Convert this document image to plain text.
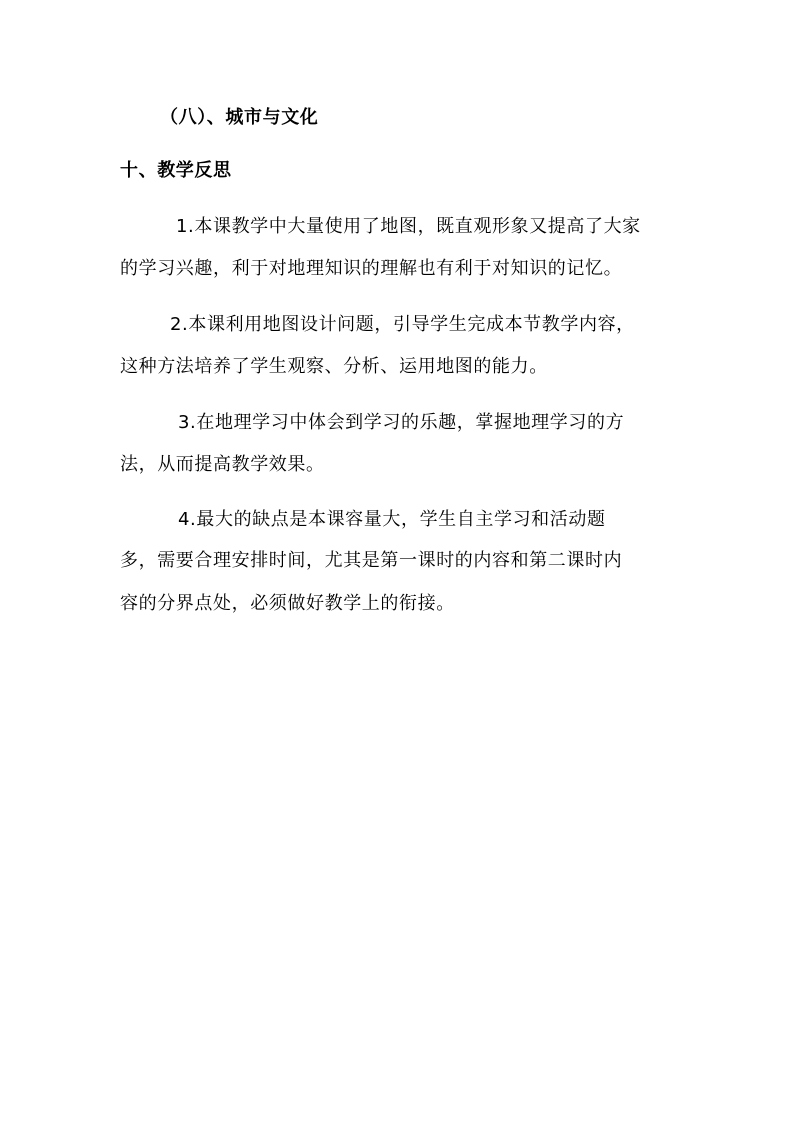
（八）、城市与文化
十、教学反思
1.本课教学中大量使用了地图，既直观形象又提高了大家
的学习兴趣，利于对地理知识的理解也有利于对知识的记忆。
2.本课利用地图设计问题，引导学生完成本节教学内容，
这种方法培养了学生观察、分析、运用地图的能力。
3.在地理学习中体会到学习的乐趣，掌握地理学习的方
法，从而提高教学效果。
4.最大的缺点是本课容量大，学生自主学习和活动题
多，需要合理安排时间，尤其是第一课时的内容和第二课时内
容的分界点处，必须做好教学上的衔接。
